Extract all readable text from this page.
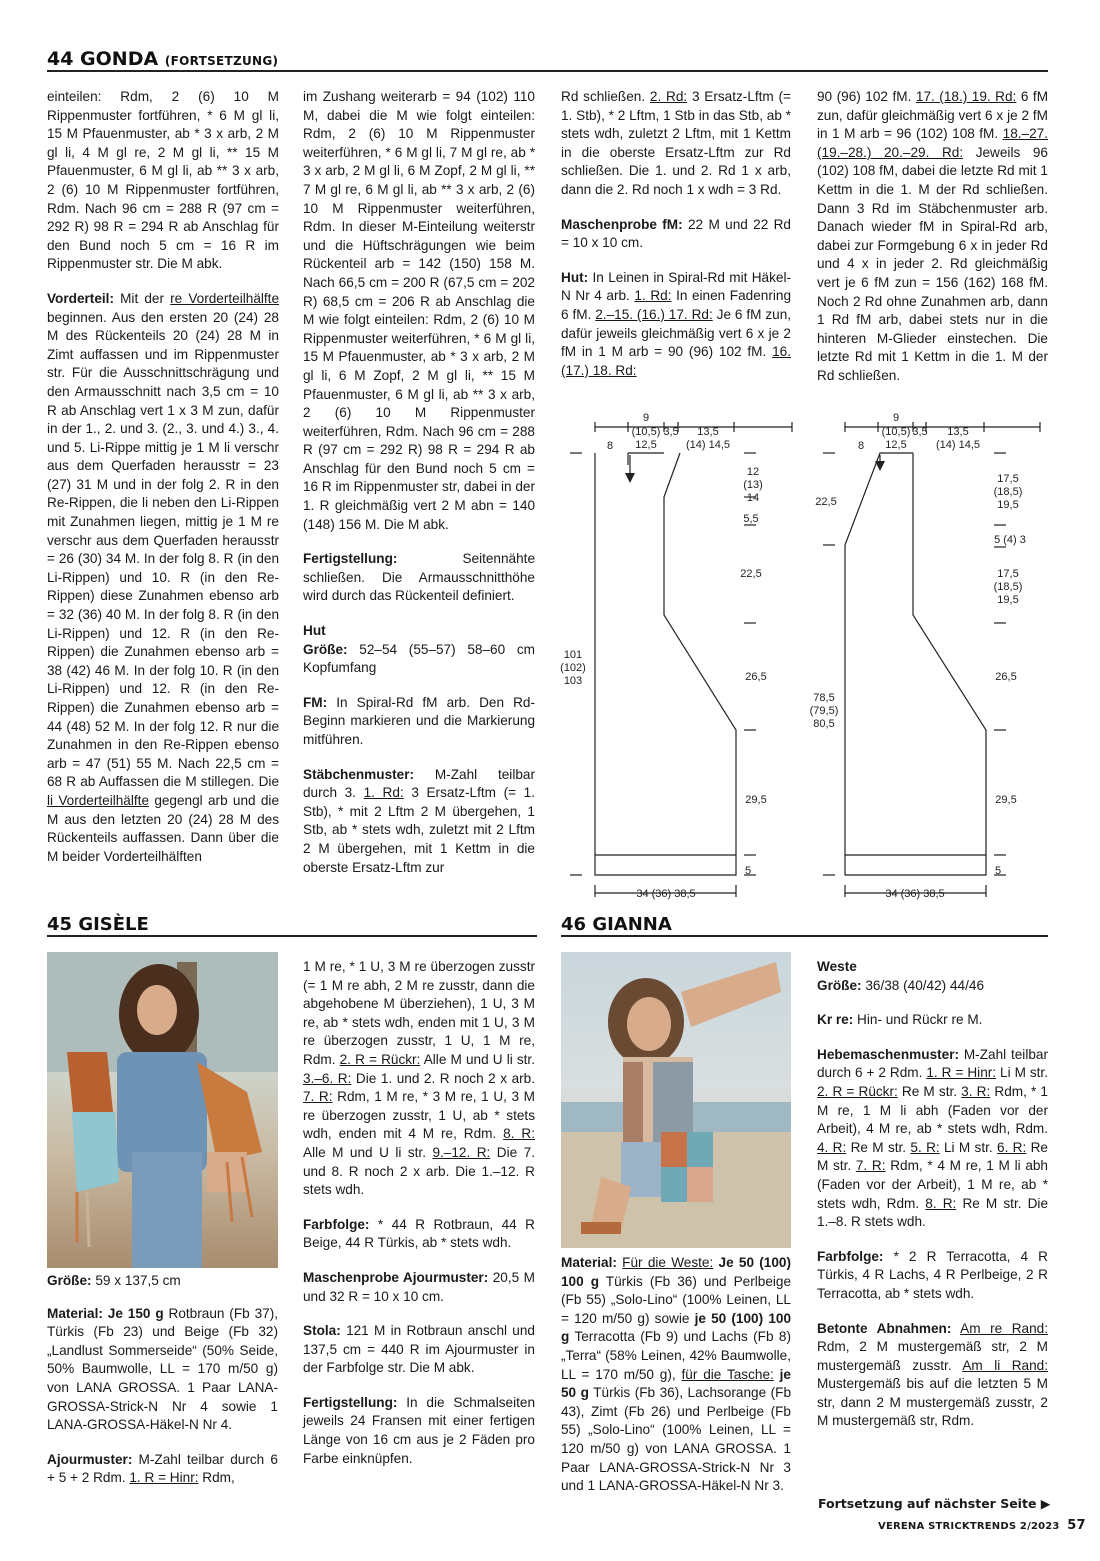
44 GONDA (FORTSETZUNG)

einteilen: Rdm, 2 (6) 10 M Rippenmuster fortführen, * 6 M gl li, 15 M Pfauenmuster, ab * 3 x arb, 2 M gl li, 4 M gl re, 2 M gl li, ** 15 M Pfauenmuster, 6 M gl li, ab ** 3 x arb, 2 (6) 10 M Rippenmuster fortführen, Rdm. Nach 96 cm = 288 R (97 cm = 292 R) 98 R = 294 R ab Anschlag für den Bund noch 5 cm = 16 R im Rippenmuster str. Die M abk.

Vorderteil: Mit der re Vorderteilhälfte beginnen. Aus den ersten 20 (24) 28 M des Rückenteils 20 (24) 28 M in Zimt auffassen und im Rippenmuster str. Für die Ausschnittschrägung und den Armausschnitt nach 3,5 cm = 10 R ab Anschlag vert 1 x 3 M zun, dafür in der 1., 2. und 3. (2., 3. und 4.) 3., 4. und 5. Li-Rippe mittig je 1 M li verschr aus dem Querfaden herausstr = 23 (27) 31 M und in der folg 2. R in den Re-Rippen, die li neben den Li-Rippen mit Zunahmen liegen, mittig je 1 M re verschr aus dem Querfaden herausstr = 26 (30) 34 M. In der folg 8. R (in den Li-Rippen) und 10. R (in den Re-Rippen) diese Zunahmen ebenso arb = 32 (36) 40 M. In der folg 8. R (in den Li-Rippen) und 12. R (in den Re-Rippen) die Zunahmen ebenso arb = 38 (42) 46 M. In der folg 10. R (in den Li-Rippen) und 12. R (in den Re-Rippen) die Zunahmen ebenso arb = 44 (48) 52 M. In der folg 12. R nur die Zunahmen in den Re-Rippen ebenso arb = 47 (51) 55 M. Nach 22,5 cm = 68 R ab Auffassen die M stillegen. Die li Vorderteilhälfte gegengl arb und die M aus den letzten 20 (24) 28 M des Rückenteils auffassen. Dann über die M beider Vorderteilhälften

im Zushang weiterarb = 94 (102) 110 M, dabei die M wie folgt einteilen: Rdm, 2 (6) 10 M Rippenmuster weiterführen, * 6 M gl li, 7 M gl re, ab * 3 x arb, 2 M gl li, 6 M Zopf, 2 M gl li, ** 7 M gl re, 6 M gl li, ab ** 3 x arb, 2 (6) 10 M Rippenmuster weiterführen, Rdm. In dieser M-Einteilung weiterstr und die Hüftschrägungen wie beim Rückenteil arb = 142 (150) 158 M. Nach 66,5 cm = 200 R (67,5 cm = 202 R) 68,5 cm = 206 R ab Anschlag die M wie folgt einteilen: Rdm, 2 (6) 10 M Rippenmuster weiterführen, * 6 M gl li, 15 M Pfauenmuster, ab * 3 x arb, 2 M gl li, 6 M Zopf, 2 M gl li, ** 15 M Pfauenmuster, 6 M gl li, ab ** 3 x arb, 2 (6) 10 M Rippenmuster weiterführen, Rdm. Nach 96 cm = 288 R (97 cm = 292 R) 98 R = 294 R ab Anschlag für den Bund noch 5 cm = 16 R im Rippenmuster str, dabei in der 1. R gleichmäßig vert 2 M abn = 140 (148) 156 M. Die M abk.

Fertigstellung:	Seitennähte schließen. Die Armausschnitthöhe wird durch das Rückenteil definiert.

Hut
Größe: 52–54 (55–57) 58–60 cm Kopfumfang

FM: In Spiral-Rd fM arb. Den Rd-Beginn markieren und die Markierung mitführen.

Stäbchenmuster: M-Zahl teilbar durch 3. 1. Rd: 3 Ersatz-Lftm (= 1. Stb), * mit 2 Lftm 2 M übergehen, 1 Stb, ab * stets wdh, zuletzt mit 2 Lftm 2 M übergehen, mit 1 Kettm in die oberste Ersatz-Lftm zur

Rd schließen. 2. Rd: 3 Ersatz-Lftm (= 1. Stb), * 2 Lftm, 1 Stb in das Stb, ab * stets wdh, zuletzt 2 Lftm, mit 1 Kettm in die oberste Ersatz-Lftm zur Rd schließen. Die 1. und 2. Rd 1 x arb, dann die 2. Rd noch 1 x wdh = 3 Rd.

Maschenprobe fM: 22 M und 22 Rd = 10 x 10 cm.

Hut: In Leinen in Spiral-Rd mit Häkel-N Nr 4 arb. 1. Rd: In einen Fadenring 6 fM. 2.–15. (16.) 17. Rd: Je 6 fM zun, dafür jeweils gleichmäßig vert 6 x je 2 fM in 1 M arb = 90 (96) 102 fM. 16. (17.) 18. Rd:

90 (96) 102 fM. 17. (18.) 19. Rd: 6 fM zun, dafür gleichmäßig vert 6 x je 2 fM in 1 M arb = 96 (102) 108 fM. 18.–27. (19.–28.) 20.–29. Rd: Jeweils 96 (102) 108 fM, dabei die letzte Rd mit 1 Kettm in die 1. M der Rd schließen. Dann 3 Rd im Stäbchenmuster arb. Danach wieder fM in Spiral-Rd arb, dabei zur Formgebung 6 x in jeder Rd und 4 x in jeder 2. Rd gleichmäßig vert je 6 fM zun = 156 (162) 168 fM. Noch 2 Rd ohne Zunahmen arb, dann 1 Rd fM arb, dabei stets nur in die hinteren M-Glieder einstechen. Die letzte Rd mit 1 Kettm in die 1. M der Rd schließen.

8
9
(10,5)
12,5
3,5 13,5
(14) 14,5
12
(13)
14
5,5
22,5
26,5
29,5
5
101
(102)
103
34 (36) 38,5
8
9
(10,5)
12,5
3,5 13,5
(14) 14,5
22,5
78,5
(79,5)
80,5
17,5
(18,5)
19,5
5 (4) 3
17,5
(18,5)
19,5
26,5
29,5
5
34 (36) 38,5
45 GISÈLE

Größe: 59 x 137,5 cm

Material: Je 150 g Rotbraun (Fb 37), Türkis (Fb 23) und Beige (Fb 32) „Landlust Sommerseide“ (50% Seide, 50% Baumwolle, LL = 170 m/50 g) von LANA GROSSA. 1 Paar LANA-GROSSA-Strick-N Nr 4 sowie 1 LANA-GROSSA-Häkel-N Nr 4.

Ajourmuster: M-Zahl teilbar durch 6 + 5 + 2 Rdm. 1. R = Hinr: Rdm,

1 M re, * 1 U, 3 M re überzogen zusstr (= 1 M re abh, 2 M re zusstr, dann die abgehobene M überziehen), 1 U, 3 M re, ab * stets wdh, enden mit 1 U, 3 M re überzogen zusstr, 1 U, 1 M re, Rdm. 2. R = Rückr: Alle M und U li str. 3.–6. R: Die 1. und 2. R noch 2 x arb. 7. R: Rdm, 1 M re, * 3 M re, 1 U, 3 M re überzogen zusstr, 1 U, ab * stets wdh, enden mit 4 M re, Rdm. 8. R: Alle M und U li str. 9.–12. R: Die 7. und 8. R noch 2 x arb. Die 1.–12. R stets wdh.

Farbfolge: * 44 R Rotbraun, 44 R Beige, 44 R Türkis, ab * stets wdh.

Maschenprobe Ajourmuster: 20,5 M und 32 R = 10 x 10 cm.

Stola: 121 M in Rotbraun anschl und 137,5 cm = 440 R im Ajourmuster in der Farbfolge str. Die M abk.

Fertigstellung: In die Schmalseiten jeweils 24 Fransen mit einer fertigen Länge von 16 cm aus je 2 Fäden pro Farbe einknüpfen.

46 GIANNA

Material: Für die Weste: Je 50 (100) 100 g Türkis (Fb 36) und Perlbeige (Fb 55) „Solo-Lino“ (100% Leinen, LL = 120 m/50 g) sowie je 50 (100) 100 g Terracotta (Fb 9) und Lachs (Fb 8) „Terra“ (58% Leinen, 42% Baumwolle, LL = 170 m/50 g), für die Tasche: je 50 g Türkis (Fb 36), Lachsorange (Fb 43), Zimt (Fb 26) und Perlbeige (Fb 55) „Solo-Lino“ (100% Leinen, LL = 120 m/50 g) von LANA GROSSA. 1 Paar LANA-GROSSA-Strick-N Nr 3 und 1 LANA-GROSSA-Häkel-N Nr 3.

Weste
Größe: 36/38 (40/42) 44/46

Kr re: Hin- und Rückr re M.

Hebemaschenmuster: M-Zahl teilbar durch 6 + 2 Rdm. 1. R = Hinr: Li M str. 2. R = Rückr: Re M str. 3. R: Rdm, * 1 M re, 1 M li abh (Faden vor der Arbeit), 4 M re, ab * stets wdh, Rdm. 4. R: Re M str. 5. R: Li M str. 6. R: Re M str. 7. R: Rdm, * 4 M re, 1 M li abh (Faden vor der Arbeit), 1 M re, ab * stets wdh, Rdm. 8. R: Re M str. Die 1.–8. R stets wdh.

Farbfolge: * 2 R Terracotta, 4 R Türkis, 4 R Lachs, 4 R Perlbeige, 2 R Terracotta, ab * stets wdh.

Betonte Abnahmen: Am re Rand: Rdm, 2 M mustergemäß str, 2 M mustergemäß zusstr. Am li Rand: Mustergemäß bis auf die letzten 5 M str, dann 2 M mustergemäß zusstr, 2 M mustergemäß str, Rdm.

Fortsetzung auf nächster Seite ▶
VERENA STRICKTRENDS 2/2023 57
